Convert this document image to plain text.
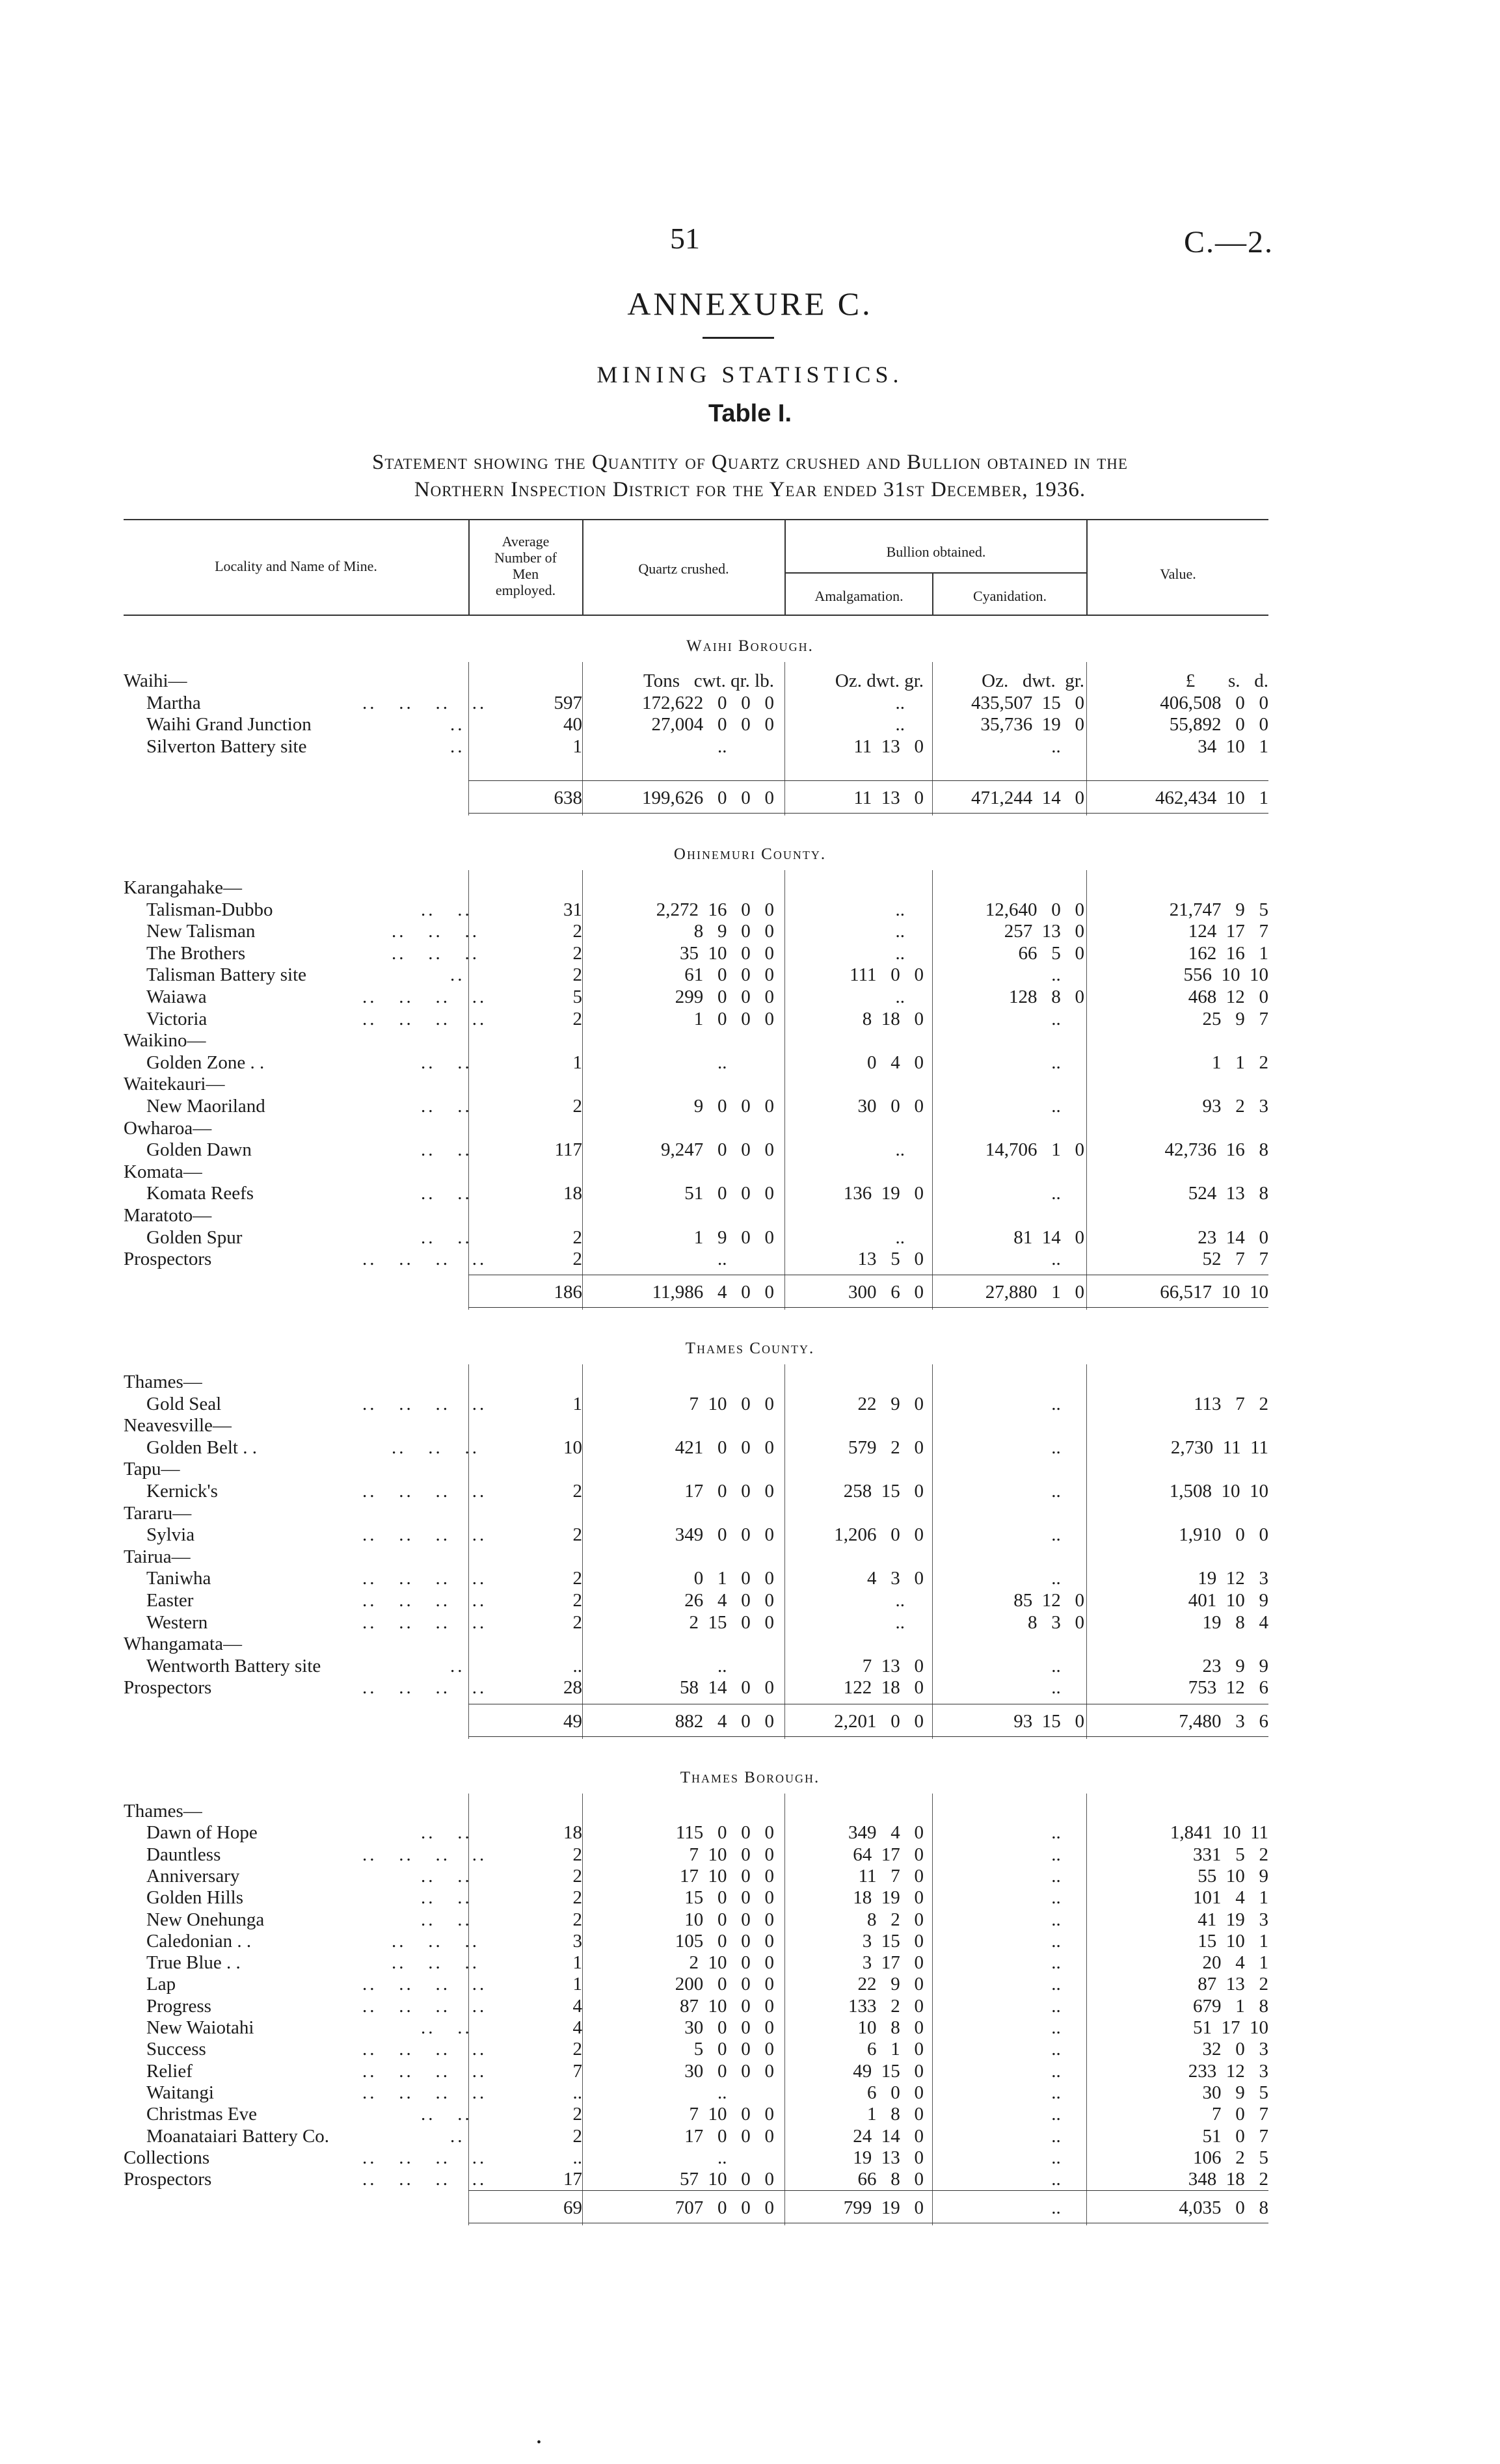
51	C.—2.
ANNEXURE C.
MINING STATISTICS.
Table I.
Statement showing the Quantity of Quartz crushed and Bullion obtained in the
Northern Inspection District for the Year ended 31st December, 1936.
Locality and Name of Mine.
Average
Number of
Men
employed.
Quartz crushed.
Bullion obtained.
Amalgamation.	Cyanidation.
Value.
Waihi Borough.
Waihi—	Tons   cwt. qr. lb.	Oz. dwt. gr.	Oz.   dwt.  gr.	£       s.   d.
Martha	..   ..   ..   ..	597	172,622   0   0   0	..	435,507  15   0	406,508   0   0
Waihi Grand Junction	..	40	27,004   0   0   0	..	35,736  19   0	55,892   0   0
Silverton Battery site	..	1	..	11  13   0	..	34  10   1
638	199,626   0   0   0	11  13   0	471,244  14   0	462,434  10   1
Ohinemuri County.
Karangahake—
Talisman-Dubbo	..   ..	31	2,272  16   0   0	..	12,640   0   0	21,747   9   5
New Talisman	..   ..   ..	2	8   9   0   0	..	257  13   0	124  17   7
The Brothers	..   ..   ..	2	35  10   0   0	..	66   5   0	162  16   1
Talisman Battery site	..	2	61   0   0   0	111   0   0	..	556  10  10
Waiawa	..   ..   ..   ..	5	299   0   0   0	..	128   8   0	468  12   0
Victoria	..   ..   ..   ..	2	1   0   0   0	8  18   0	..	25   9   7
Waikino—
Golden Zone . .	..   ..	1	..	0   4   0	..	1   1   2
Waitekauri—
New Maoriland	..   ..	2	9   0   0   0	30   0   0	..	93   2   3
Owharoa—
Golden Dawn	..   ..	117	9,247   0   0   0	..	14,706   1   0	42,736  16   8
Komata—
Komata Reefs	..   ..	18	51   0   0   0	136  19   0	..	524  13   8
Maratoto—
Golden Spur	..   ..	2	1   9   0   0	..	81  14   0	23  14   0
Prospectors	..   ..   ..   ..	2	..	13   5   0	..	52   7   7
186	11,986   4   0   0	300   6   0	27,880   1   0	66,517  10  10
Thames County.
Thames—
Gold Seal	..   ..   ..   ..	1	7  10   0   0	22   9   0	..	113   7   2
Neavesville—
Golden Belt . .	..   ..   ..	10	421   0   0   0	579   2   0	..	2,730  11  11
Tapu—
Kernick's	..   ..   ..   ..	2	17   0   0   0	258  15   0	..	1,508  10  10
Tararu—
Sylvia	..   ..   ..   ..	2	349   0   0   0	1,206   0   0	..	1,910   0   0
Tairua—
Taniwha	..   ..   ..   ..	2	0   1   0   0	4   3   0	..	19  12   3
Easter	..   ..   ..   ..	2	26   4   0   0	..	85  12   0	401  10   9
Western	..   ..   ..   ..	2	2  15   0   0	..	8   3   0	19   8   4
Whangamata—
Wentworth Battery site	..	..	..	7  13   0	..	23   9   9
Prospectors	..   ..   ..   ..	28	58  14   0   0	122  18   0	..	753  12   6
49	882   4   0   0	2,201   0   0	93  15   0	7,480   3   6
Thames Borough.
Thames—
Dawn of Hope	..   ..	18	115   0   0   0	349   4   0	..	1,841  10  11
Dauntless	..   ..   ..   ..	2	7  10   0   0	64  17   0	..	331   5   2
Anniversary	..   ..	2	17  10   0   0	11   7   0	..	55  10   9
Golden Hills	..   ..	2	15   0   0   0	18  19   0	..	101   4   1
New Onehunga	..   ..	2	10   0   0   0	8   2   0	..	41  19   3
Caledonian . .	..   ..   ..	3	105   0   0   0	3  15   0	..	15  10   1
True Blue . .	..   ..   ..	1	2  10   0   0	3  17   0	..	20   4   1
Lap	..   ..   ..   ..	1	200   0   0   0	22   9   0	..	87  13   2
Progress	..   ..   ..   ..	4	87  10   0   0	133   2   0	..	679   1   8
New Waiotahi	..   ..	4	30   0   0   0	10   8   0	..	51  17  10
Success	..   ..   ..   ..	2	5   0   0   0	6   1   0	..	32   0   3
Relief	..   ..   ..   ..	7	30   0   0   0	49  15   0	..	233  12   3
Waitangi	..   ..   ..   ..	..	..	6   0   0	..	30   9   5
Christmas Eve	..   ..	2	7  10   0   0	1   8   0	..	7   0   7
Moanataiari Battery Co.	..	2	17   0   0   0	24  14   0	..	51   0   7
Collections	..   ..   ..   ..	..	..	19  13   0	..	106   2   5
Prospectors	..   ..   ..   ..	17	57  10   0   0	66   8   0	..	348  18   2
69	707   0   0   0	799  19   0	..	4,035   0   8
•
